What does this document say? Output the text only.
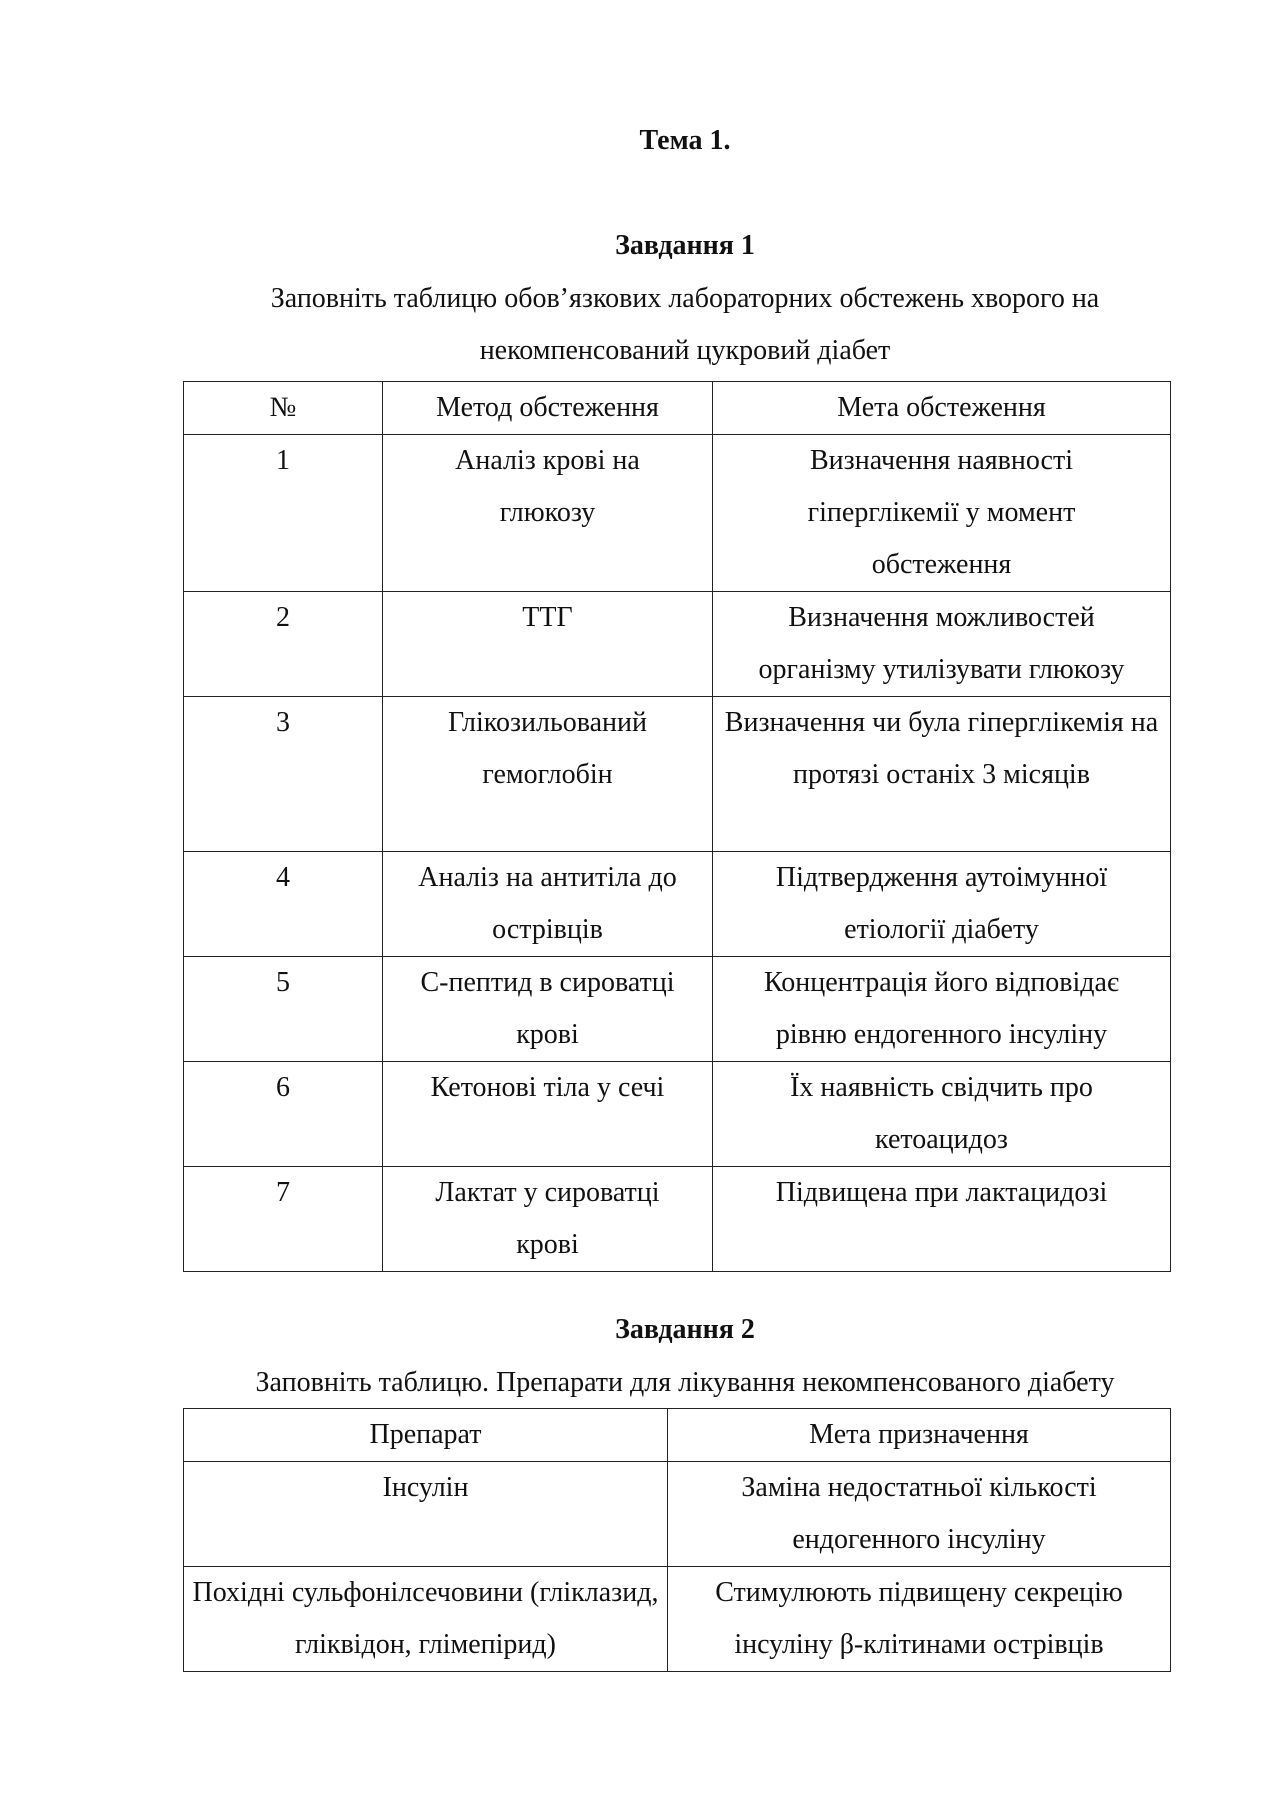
Тема 1.
Завдання 1
Заповніть таблицю обов’язкових лабораторних обстежень хворого на
некомпенсований цукровий діабет
№	Метод обстеження	Мета обстеження
1	Аналіз крові на глюкозу	Визначення наявності гіперглікемії у момент обстеження
2	ТТГ	Визначення можливостей організму утилізувати глюкозу
3	Глікозильований гемоглобін	Визначення чи була гіперглікемія на протязі останіх 3 місяців
4	Аналіз на антитіла до острівців	Підтвердження аутоімунної етіології діабету
5	С-пептид в сироватці крові	Концентрація його відповідає рівню ендогенного інсуліну
6	Кетонові тіла у сечі	Їх наявність свідчить про кетоацидоз
7	Лактат у сироватці крові	Підвищена при лактацидозі
Завдання 2
Заповніть таблицю. Препарати для лікування некомпенсованого діабету
Препарат	Мета призначення
Інсулін	Заміна недостатньої кількості ендогенного інсуліну
Похідні сульфонілсечовини (гліклазид, гліквідон, глімепірид)	Стимулюють підвищену секрецію інсуліну β-клітинами острівців
